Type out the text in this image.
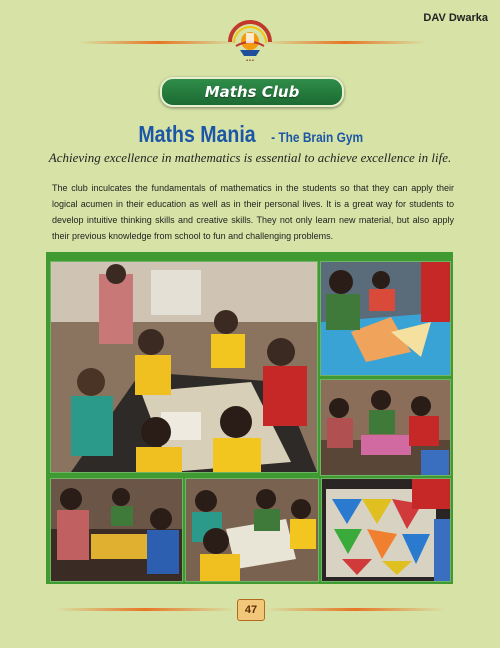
•••
DAV Dwarka
Maths Club
Maths Mania - The Brain Gym
Achieving excellence in mathematics is essential to achieve excellence in life.
The club inculcates the fundamentals of mathematics in the students so that they can apply their logical acumen in their education as well as in their personal lives. It is a great way for students to develop intuitive thinking skills and creative skills. They not only learn new material, but also apply their previous knowledge from school to fun and challenging problems.
47
